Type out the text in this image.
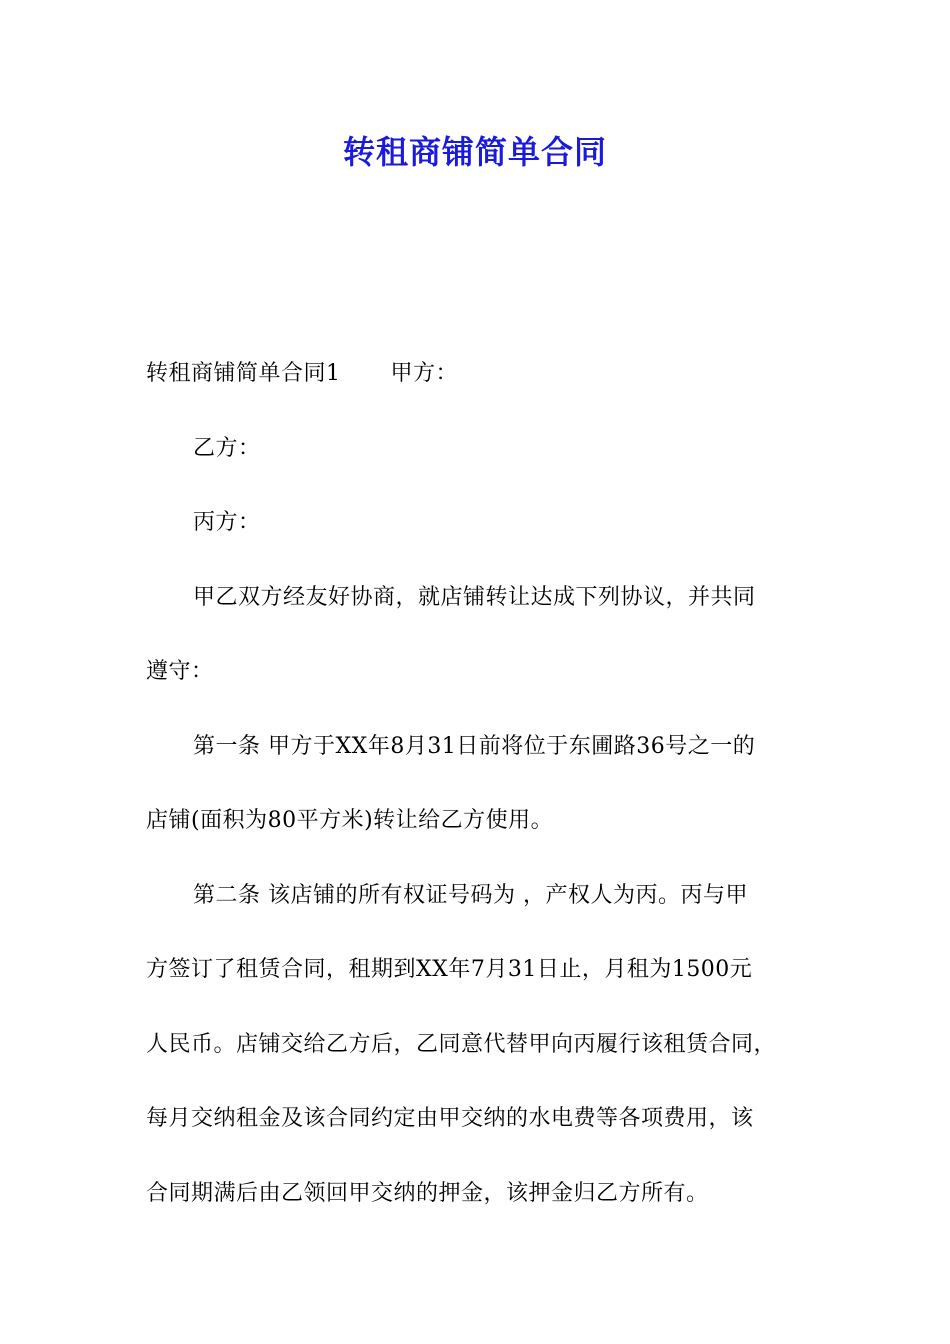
转租商铺简单合同

转租商铺简单合同1 甲方：

乙方：

丙方：

甲乙双方经友好协商，就店铺转让达成下列协议，并共同

遵守：

第一条 甲方于XX年8月31日前将位于东圃路36号之一的

店铺(面积为80平方米)转让给乙方使用。

第二条 该店铺的所有权证号码为 ，产权人为丙。丙与甲

方签订了租赁合同，租期到XX年7月31日止，月租为1500元

人民币。店铺交给乙方后，乙同意代替甲向丙履行该租赁合同，

每月交纳租金及该合同约定由甲交纳的水电费等各项费用，该

合同期满后由乙领回甲交纳的押金，该押金归乙方所有。
